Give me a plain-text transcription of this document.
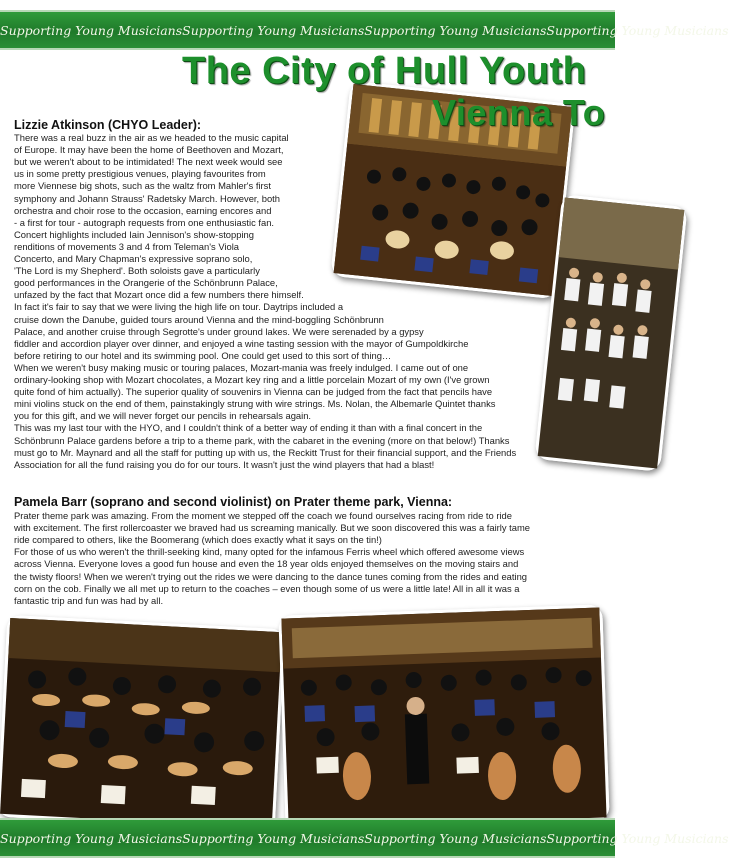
Supporting Young Musicians Supporting Young Musicians Supporting Young Musicians Supporting Young Musicians
The City of Hull Youth
Vienna To
Lizzie Atkinson (CHYO Leader):
There was a real buzz in the air as we headed to the music capital
of Europe. It may have been the home of Beethoven and Mozart,
but we weren't about to be intimidated! The next week would see
us in some pretty prestigious venues, playing favourites from
more Viennese big shots, such as the waltz from Mahler's first
symphony and Johann Strauss' Radetsky March. However, both
orchestra and choir rose to the occasion, earning encores and
- a first for tour - autograph requests from one enthusiastic fan.
Concert highlights included Iain Jennison's show-stopping
renditions of movements 3 and 4 from Teleman's Viola
Concerto, and Mary Chapman's expressive soprano solo,
'The Lord is my Shepherd'. Both soloists gave a particularly
good performances in the Orangerie of the Schönbrunn Palace,
unfazed by the fact that Mozart once did a few numbers there himself.
In fact it's fair to say that we were living the high life on tour. Daytrips included a
cruise down the Danube, guided tours around Vienna and the mind-boggling Schönbrunn
Palace, and another cruise through Segrotte's under ground lakes. We were serenaded by a gypsy
fiddler and accordion player over dinner, and enjoyed a wine tasting session with the mayor of Gumpoldkirche
before retiring to our hotel and its swimming pool. One could get used to this sort of thing…
When we weren't busy making music or touring palaces, Mozart-mania was freely indulged. I came out of one
ordinary-looking shop with Mozart chocolates, a Mozart key ring and a little porcelain Mozart of my own (I've grown
quite fond of him actually). The superior quality of souvenirs in Vienna can be judged from the fact that pencils have
mini violins stuck on the end of them, painstakingly strung with wire strings. Ms. Nolan, the Albemarle Quintet thanks
you for this gift, and we will never forget our pencils in rehearsals again.
This was my last tour with the HYO, and I couldn't think of a better way of ending it than with a final concert in the
Schönbrunn Palace gardens before a trip to a theme park, with the cabaret in the evening (more on that below!) Thanks
must go to Mr. Maynard and all the staff for putting up with us, the Reckitt Trust for their financial support, and the Friends
Association for all the fund raising you do for our tours. It wasn't just the wind players that had a blast!
Pamela Barr (soprano and second violinist) on Prater theme park, Vienna:
Prater theme park was amazing. From the moment we stepped off the coach we found ourselves racing from ride to ride
with excitement. The first rollercoaster we braved had us screaming manically. But we soon discovered this was a fairly tame
ride compared to others, like the Boomerang (which does exactly what it says on the tin!)
For those of us who weren't the thrill-seeking kind, many opted for the infamous Ferris wheel which offered awesome views
across Vienna. Everyone loves a good fun house and even the 18 year olds enjoyed themselves on the moving stairs and
the twisty floors! When we weren't trying out the rides we were dancing to the dance tunes coming from the rides and eating
corn on the cob. Finally we all met up to return to the coaches – even though some of us were a little late! All in all it was a
fantastic trip and fun was had by all.
Supporting Young Musicians Supporting Young Musicians Supporting Young Musicians Supporting Young Musicians
